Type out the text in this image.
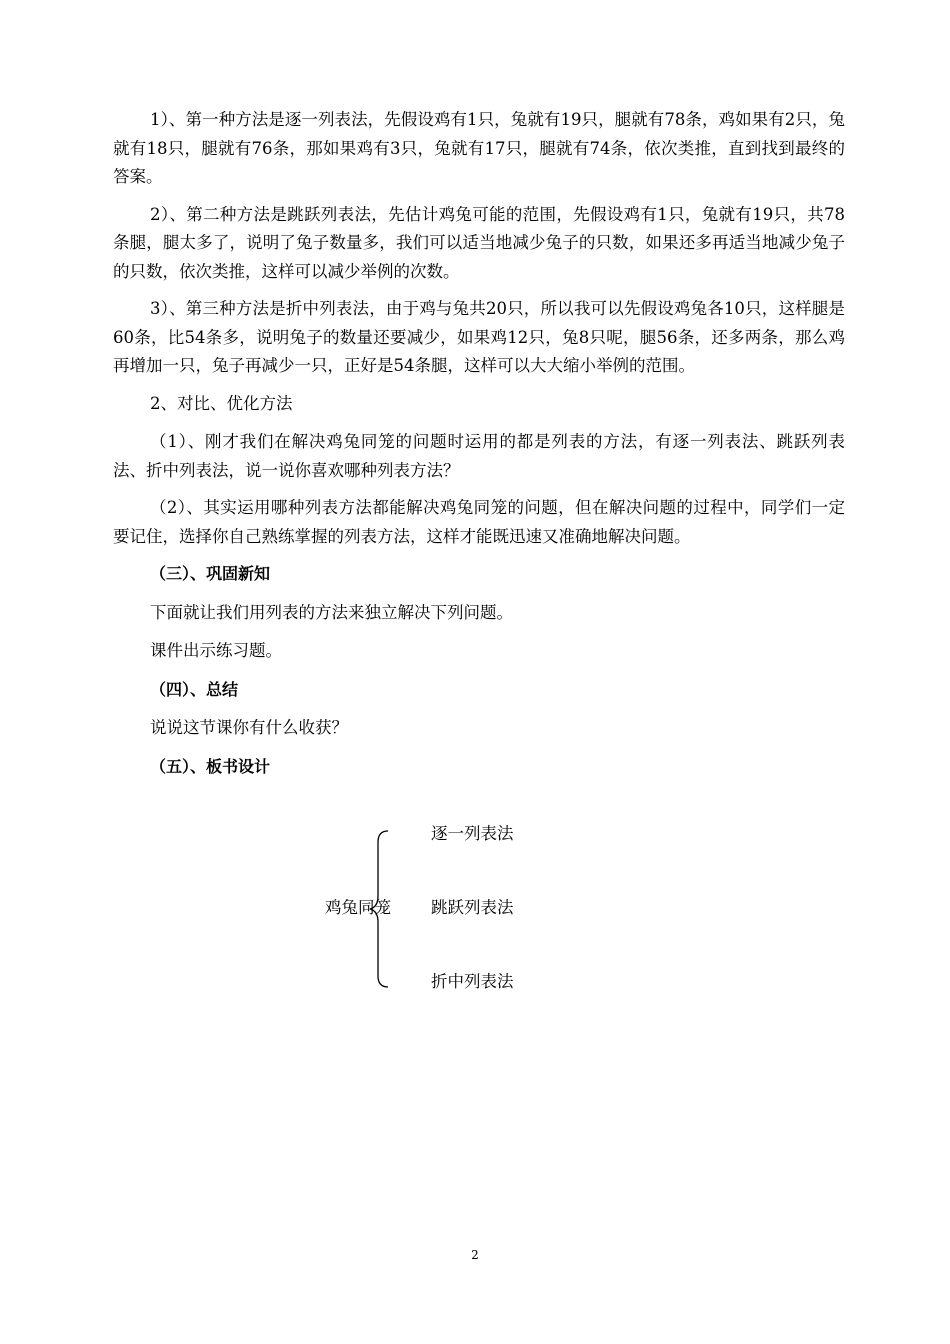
1）、第一种方法是逐一列表法，先假设鸡有1只，兔就有19只，腿就有78条，鸡如果有2只，兔就有18只，腿就有76条，那如果鸡有3只，兔就有17只，腿就有74条，依次类推，直到找到最终的答案。

2）、第二种方法是跳跃列表法，先估计鸡兔可能的范围，先假设鸡有1只，兔就有19只，共78条腿，腿太多了，说明了兔子数量多，我们可以适当地减少兔子的只数，如果还多再适当地减少兔子的只数，依次类推，这样可以减少举例的次数。

3）、第三种方法是折中列表法，由于鸡与兔共20只，所以我可以先假设鸡兔各10只，这样腿是60条，比54条多，说明兔子的数量还要减少，如果鸡12只，兔8只呢，腿56条，还多两条，那么鸡再增加一只，兔子再减少一只，正好是54条腿，这样可以大大缩小举例的范围。

2、对比、优化方法

（1）、刚才我们在解决鸡兔同笼的问题时运用的都是列表的方法，有逐一列表法、跳跃列表法、折中列表法，说一说你喜欢哪种列表方法？

（2）、其实运用哪种列表方法都能解决鸡兔同笼的问题，但在解决问题的过程中，同学们一定要记住，选择你自己熟练掌握的列表方法，这样才能既迅速又准确地解决问题。

（三）、巩固新知

下面就让我们用列表的方法来独立解决下列问题。

课件出示练习题。

（四）、总结

说说这节课你有什么收获？

（五）、板书设计

鸡兔同笼
逐一列表法
跳跃列表法
折中列表法
2
